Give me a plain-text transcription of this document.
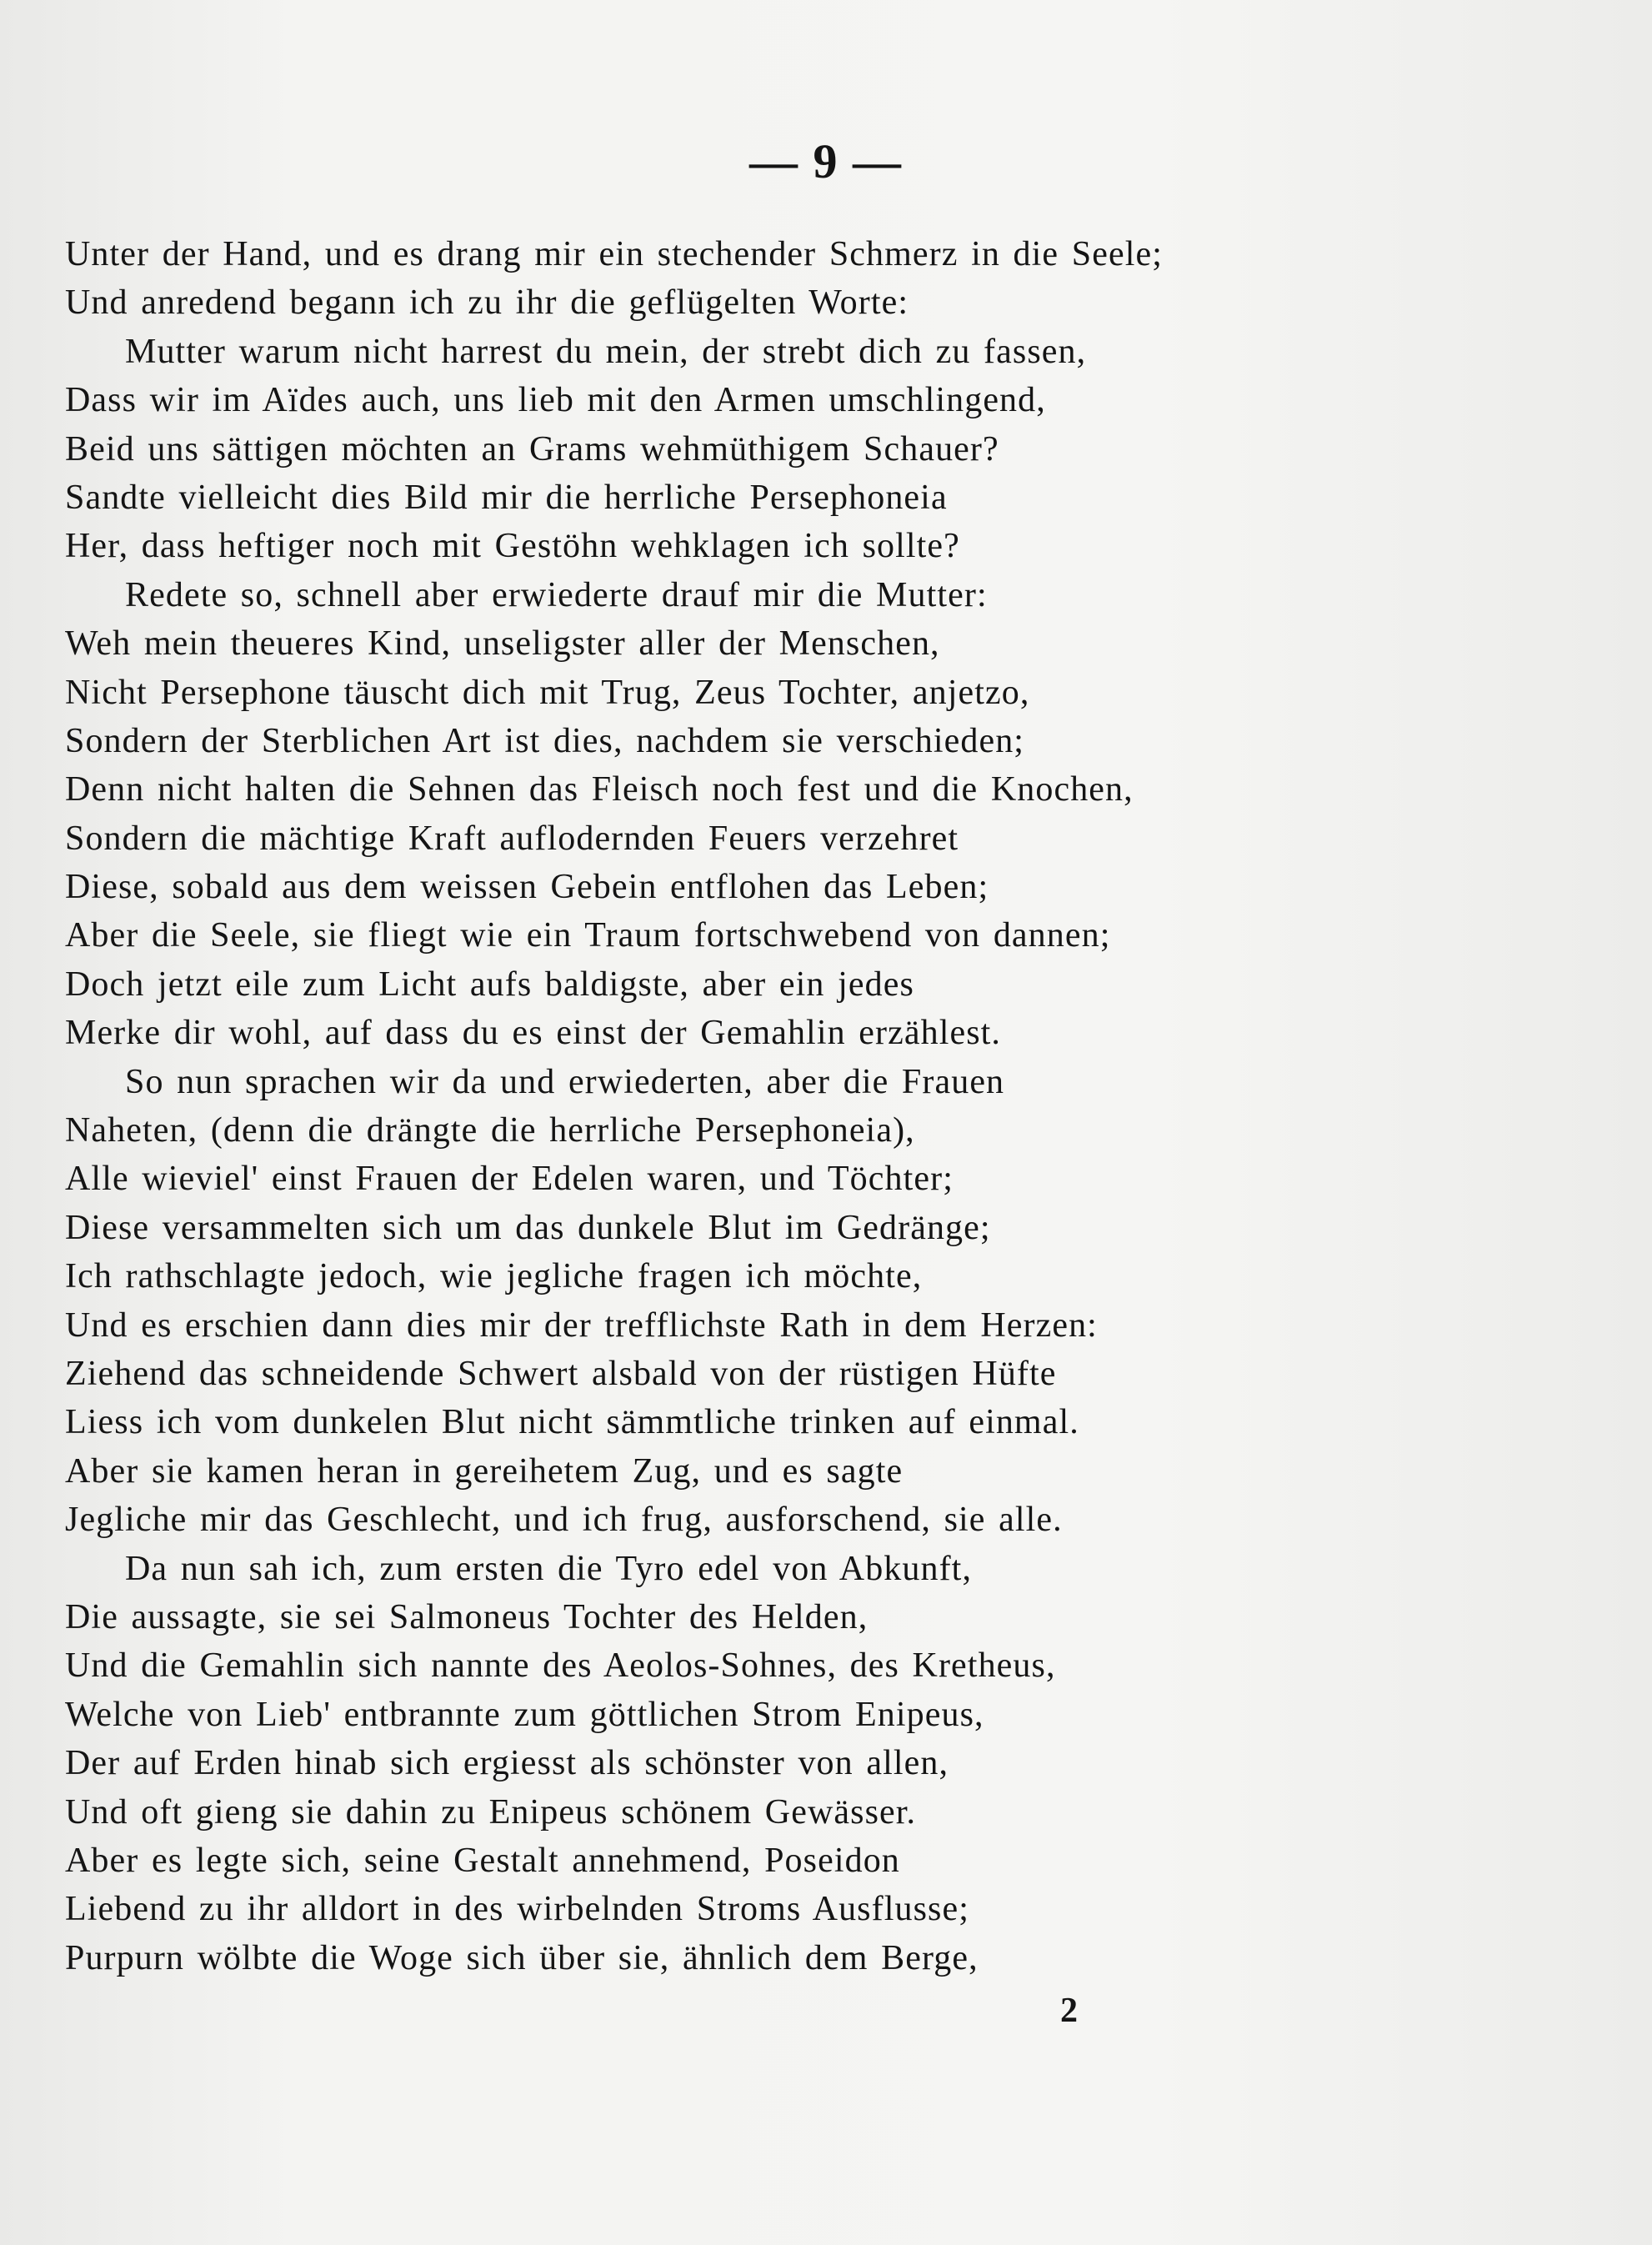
— 9 —
Unter der Hand, und es drang mir ein stechender Schmerz in die Seele;
Und anredend begann ich zu ihr die geflügelten Worte:
Mutter warum nicht harrest du mein, der strebt dich zu fassen,
Dass wir im Aïdes auch, uns lieb mit den Armen umschlingend,
Beid uns sättigen möchten an Grams wehmüthigem Schauer?
Sandte vielleicht dies Bild mir die herrliche Persephoneia
Her, dass heftiger noch mit Gestöhn wehklagen ich sollte?
Redete so, schnell aber erwiederte drauf mir die Mutter:
Weh mein theueres Kind, unseligster aller der Menschen,
Nicht Persephone täuscht dich mit Trug, Zeus Tochter, anjetzo,
Sondern der Sterblichen Art ist dies, nachdem sie verschieden;
Denn nicht halten die Sehnen das Fleisch noch fest und die Knochen,
Sondern die mächtige Kraft auflodernden Feuers verzehret
Diese, sobald aus dem weissen Gebein entflohen das Leben;
Aber die Seele, sie fliegt wie ein Traum fortschwebend von dannen;
Doch jetzt eile zum Licht aufs baldigste, aber ein jedes
Merke dir wohl, auf dass du es einst der Gemahlin erzählest.
So nun sprachen wir da und erwiederten, aber die Frauen
Naheten, (denn die drängte die herrliche Persephoneia),
Alle wieviel' einst Frauen der Edelen waren, und Töchter;
Diese versammelten sich um das dunkele Blut im Gedränge;
Ich rathschlagte jedoch, wie jegliche fragen ich möchte,
Und es erschien dann dies mir der trefflichste Rath in dem Herzen:
Ziehend das schneidende Schwert alsbald von der rüstigen Hüfte
Liess ich vom dunkelen Blut nicht sämmtliche trinken auf einmal.
Aber sie kamen heran in gereihetem Zug, und es sagte
Jegliche mir das Geschlecht, und ich frug, ausforschend, sie alle.
Da nun sah ich, zum ersten die Tyro edel von Abkunft,
Die aussagte, sie sei Salmoneus Tochter des Helden,
Und die Gemahlin sich nannte des Aeolos-Sohnes, des Kretheus,
Welche von Lieb' entbrannte zum göttlichen Strom Enipeus,
Der auf Erden hinab sich ergiesst als schönster von allen,
Und oft gieng sie dahin zu Enipeus schönem Gewässer.
Aber es legte sich, seine Gestalt annehmend, Poseidon
Liebend zu ihr alldort in des wirbelnden Stroms Ausflusse;
Purpurn wölbte die Woge sich über sie, ähnlich dem Berge,
2
